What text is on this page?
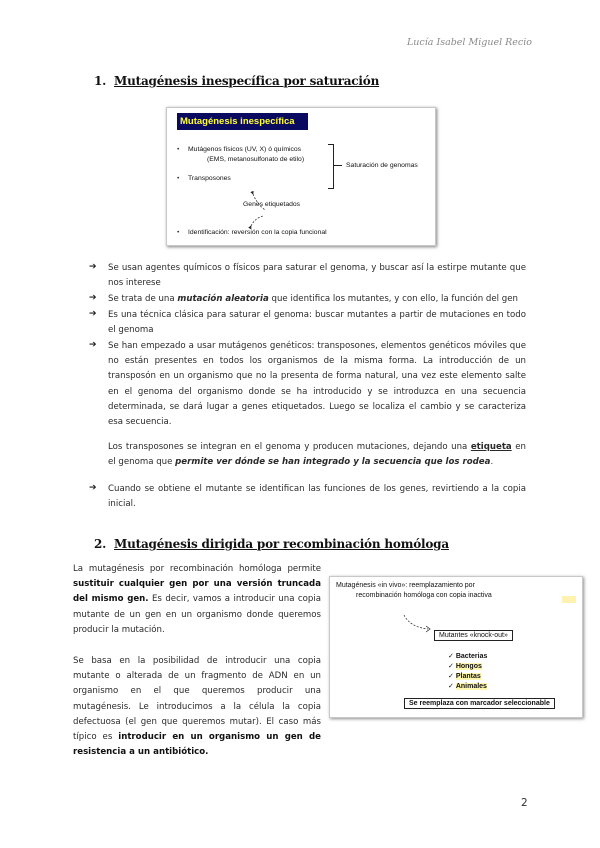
Lucía Isabel Miguel Recio
1. Mutagénesis inespecífica por saturación
Mutagénesis inespecífica
• Mutágenos físicos (UV, X) ó químicos
(EMS, metanosulfonato de etilo)
• Transposones
Saturación de genomas
Genes etiquetados
• Identificación: reversión con la copia funcional
➔ Se usan agentes químicos o físicos para saturar el genoma, y buscar así la estirpe mutante que nos interese
➔ Se trata de una mutación aleatoria que identifica los mutantes, y con ello, la función del gen
➔ Es una técnica clásica para saturar el genoma: buscar mutantes a partir de mutaciones en todo el genoma
➔ Se han empezado a usar mutágenos genéticos: transposones, elementos genéticos móviles que no están presentes en todos los organismos de la misma forma. La introducción de un transposón en un organismo que no la presenta de forma natural, una vez este elemento salte en el genoma del organismo donde se ha introducido y se introduzca en una secuencia determinada, se dará lugar a genes etiquetados. Luego se localiza el cambio y se caracteriza esa secuencia.
Los transposones se integran en el genoma y producen mutaciones, dejando una etiqueta en el genoma que permite ver dónde se han integrado y la secuencia que los rodea.
➔ Cuando se obtiene el mutante se identifican las funciones de los genes, revirtiendo a la copia inicial.
2. Mutagénesis dirigida por recombinación homóloga
La mutagénesis por recombinación homóloga permite sustituir cualquier gen por una versión truncada del mismo gen. Es decir, vamos a introducir una copia mutante de un gen en un organismo donde queremos producir la mutación.
Se basa en la posibilidad de introducir una copia mutante o alterada de un fragmento de ADN en un organismo en el que queremos producir una mutagénesis. Le introducimos a la célula la copia defectuosa (el gen que queremos mutar). El caso más típico es introducir en un organismo un gen de resistencia a un antibiótico.
Mutagénesis «in vivo»: reemplazamiento por
recombinación homóloga con copia inactiva
Mutantes «knock-out»
✓ Bacterias
✓ Hongos
✓ Plantas
✓ Animales
Se reemplaza con marcador seleccionable
2
